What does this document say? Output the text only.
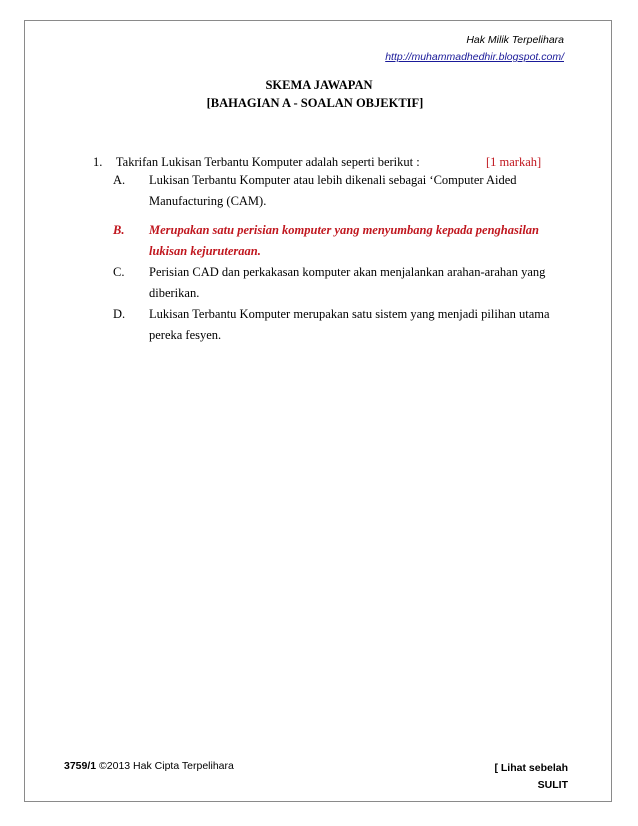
Hak Milik Terpelihara
http://muhammadhedhir.blogspot.com/
SKEMA JAWAPAN
[BAHAGIAN A - SOALAN OBJEKTIF]
1. Takrifan Lukisan Terbantu Komputer adalah seperti berikut :	[1 markah]
A. Lukisan Terbantu Komputer atau lebih dikenali sebagai ‘Computer Aided Manufacturing (CAM).
B. Merupakan satu perisian komputer yang menyumbang kepada penghasilan lukisan kejuruteraan.
C. Perisian CAD dan perkakasan komputer akan menjalankan arahan-arahan yang diberikan.
D. Lukisan Terbantu Komputer merupakan satu sistem yang menjadi pilihan utama pereka fesyen.
3759/1 ©2013 Hak Cipta Terpelihara	[ Lihat sebelah
SULIT
